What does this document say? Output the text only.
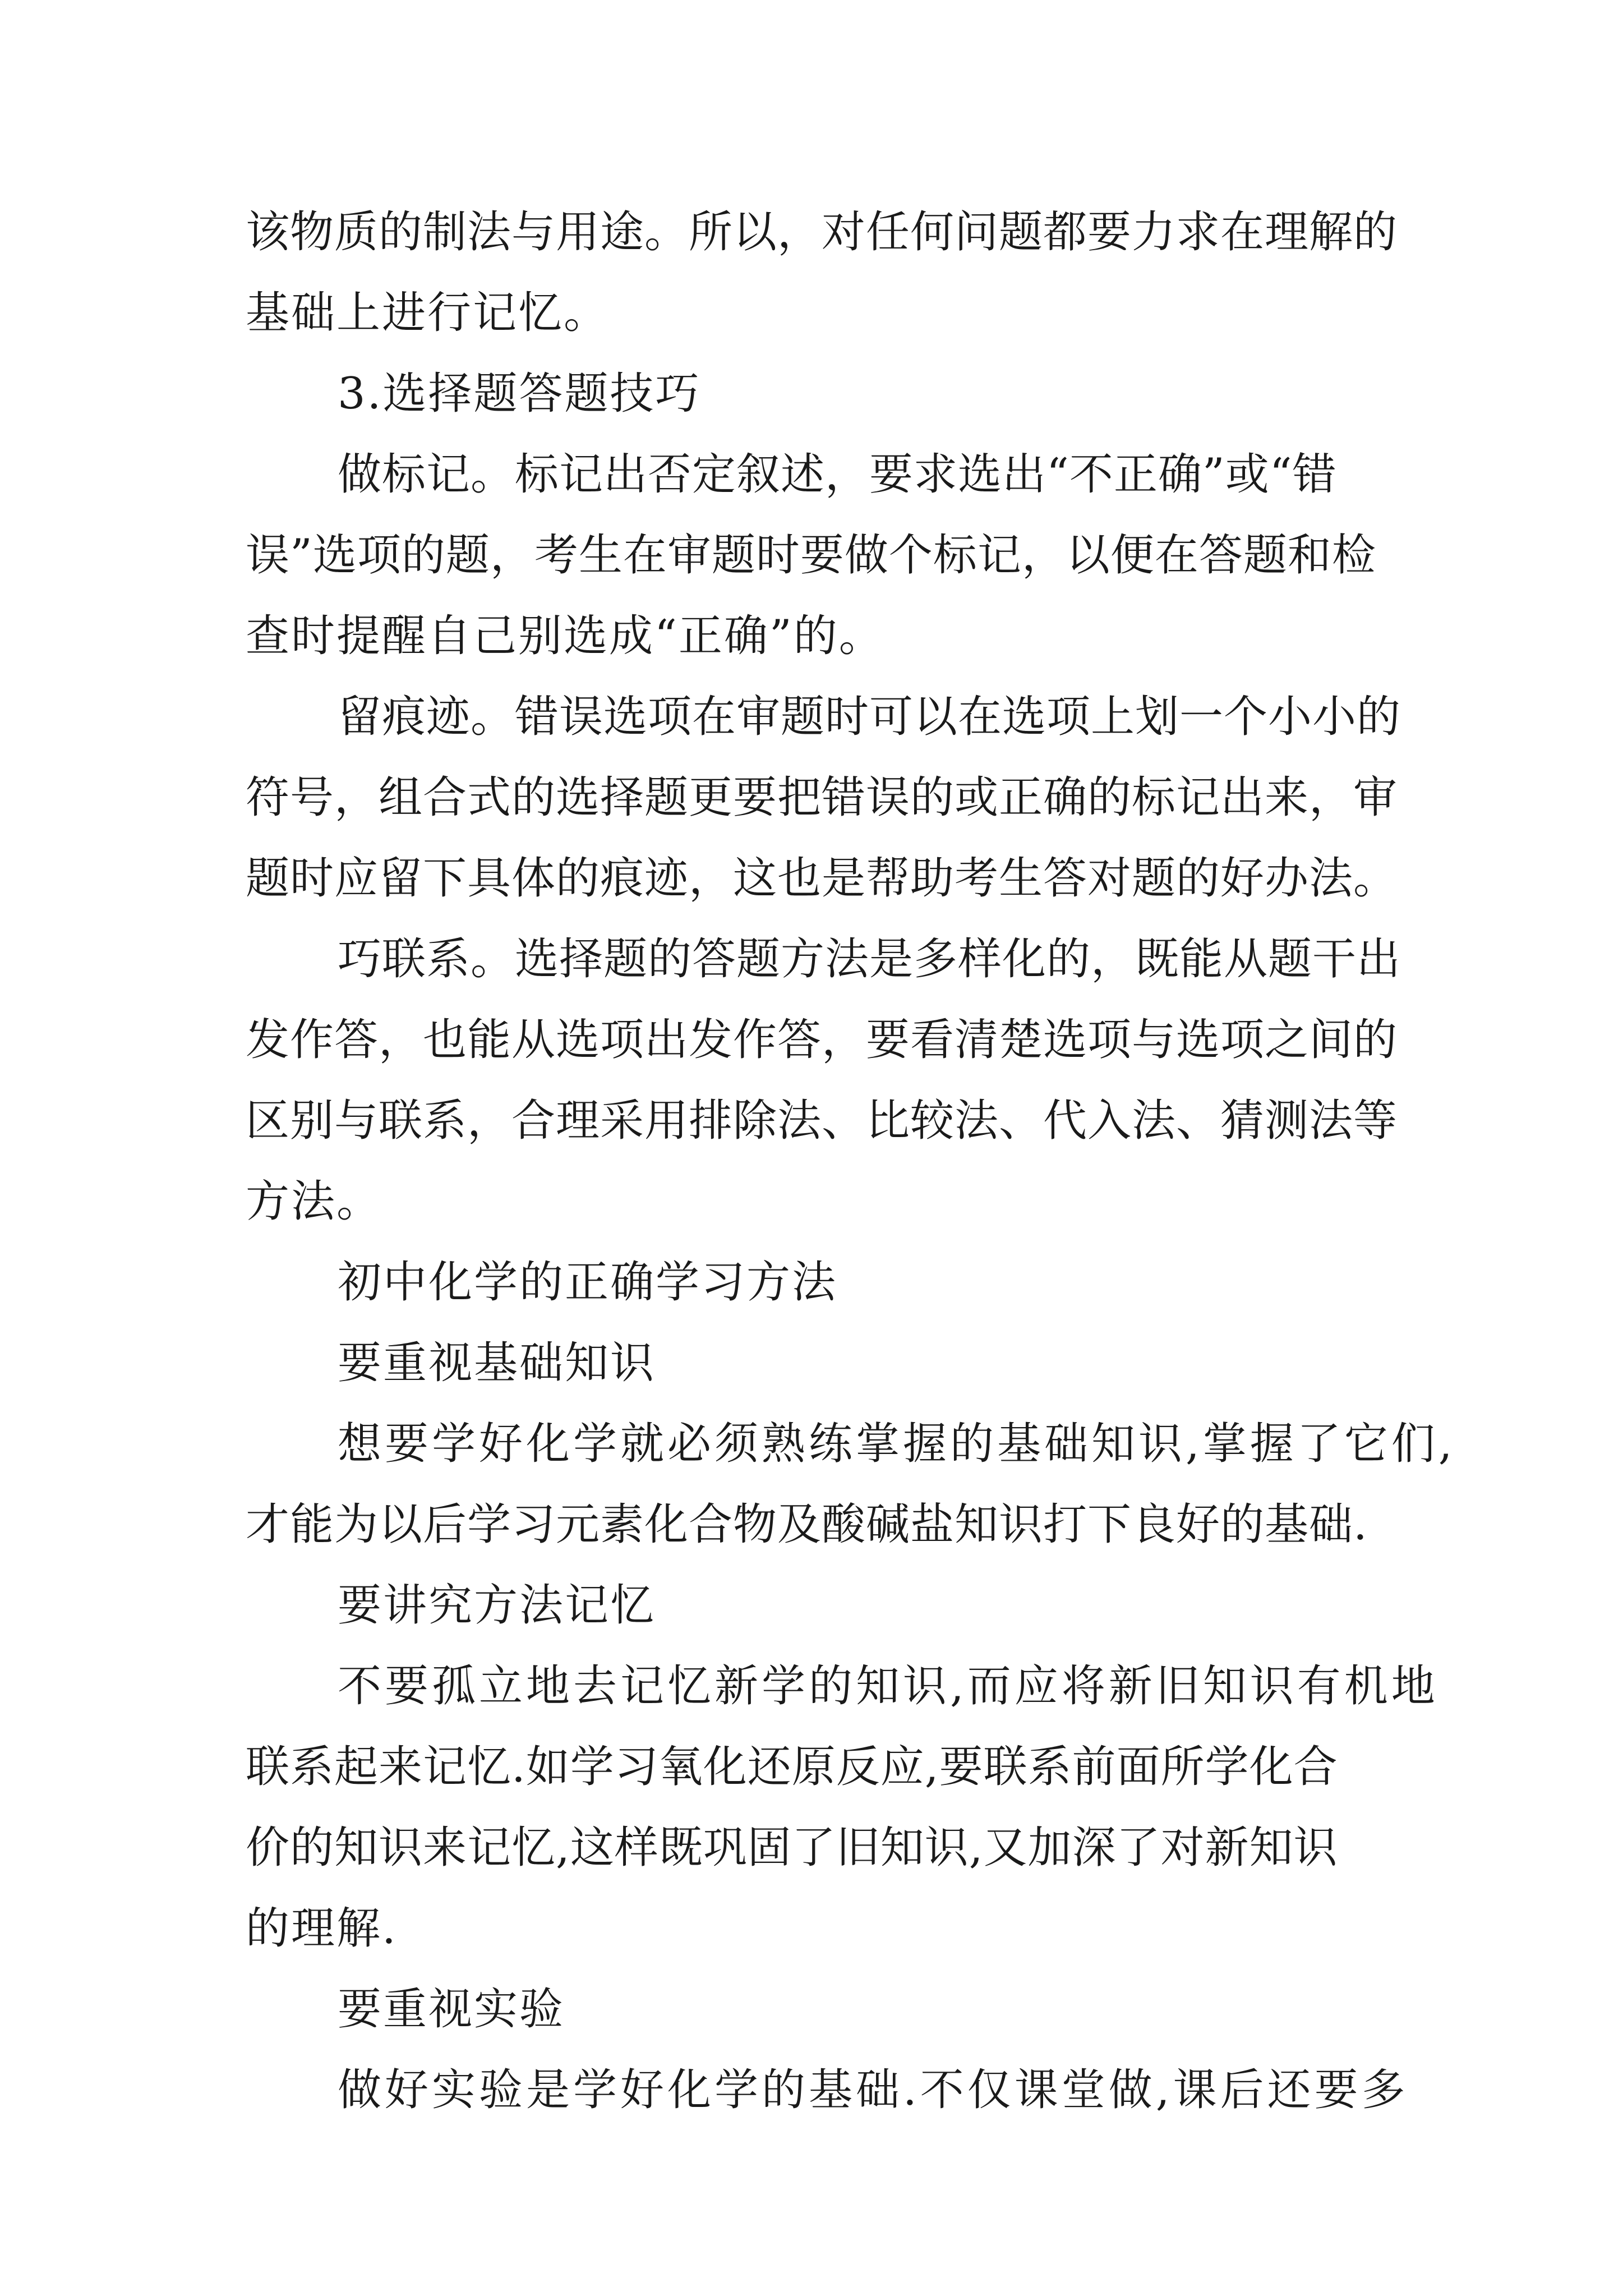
该物质的制法与用途。所以，对任何问题都要力求在理解的

基础上进行记忆。

3.选择题答题技巧

做标记。标记出否定叙述，要求选出“不正确”或“错

误”选项的题，考生在审题时要做个标记，以便在答题和检

查时提醒自己别选成“正确”的。

留痕迹。错误选项在审题时可以在选项上划一个小小的

符号，组合式的选择题更要把错误的或正确的标记出来，审

题时应留下具体的痕迹，这也是帮助考生答对题的好办法。

巧联系。选择题的答题方法是多样化的，既能从题干出

发作答，也能从选项出发作答，要看清楚选项与选项之间的

区别与联系，合理采用排除法、比较法、代入法、猜测法等

方法。

初中化学的正确学习方法

要重视基础知识

想要学好化学就必须熟练掌握的基础知识,掌握了它们,

才能为以后学习元素化合物及酸碱盐知识打下良好的基础.

要讲究方法记忆

不要孤立地去记忆新学的知识,而应将新旧知识有机地

联系起来记忆.如学习氧化还原反应,要联系前面所学化合

价的知识来记忆,这样既巩固了旧知识,又加深了对新知识

的理解.

要重视实验

做好实验是学好化学的基础.不仅课堂做,课后还要多
